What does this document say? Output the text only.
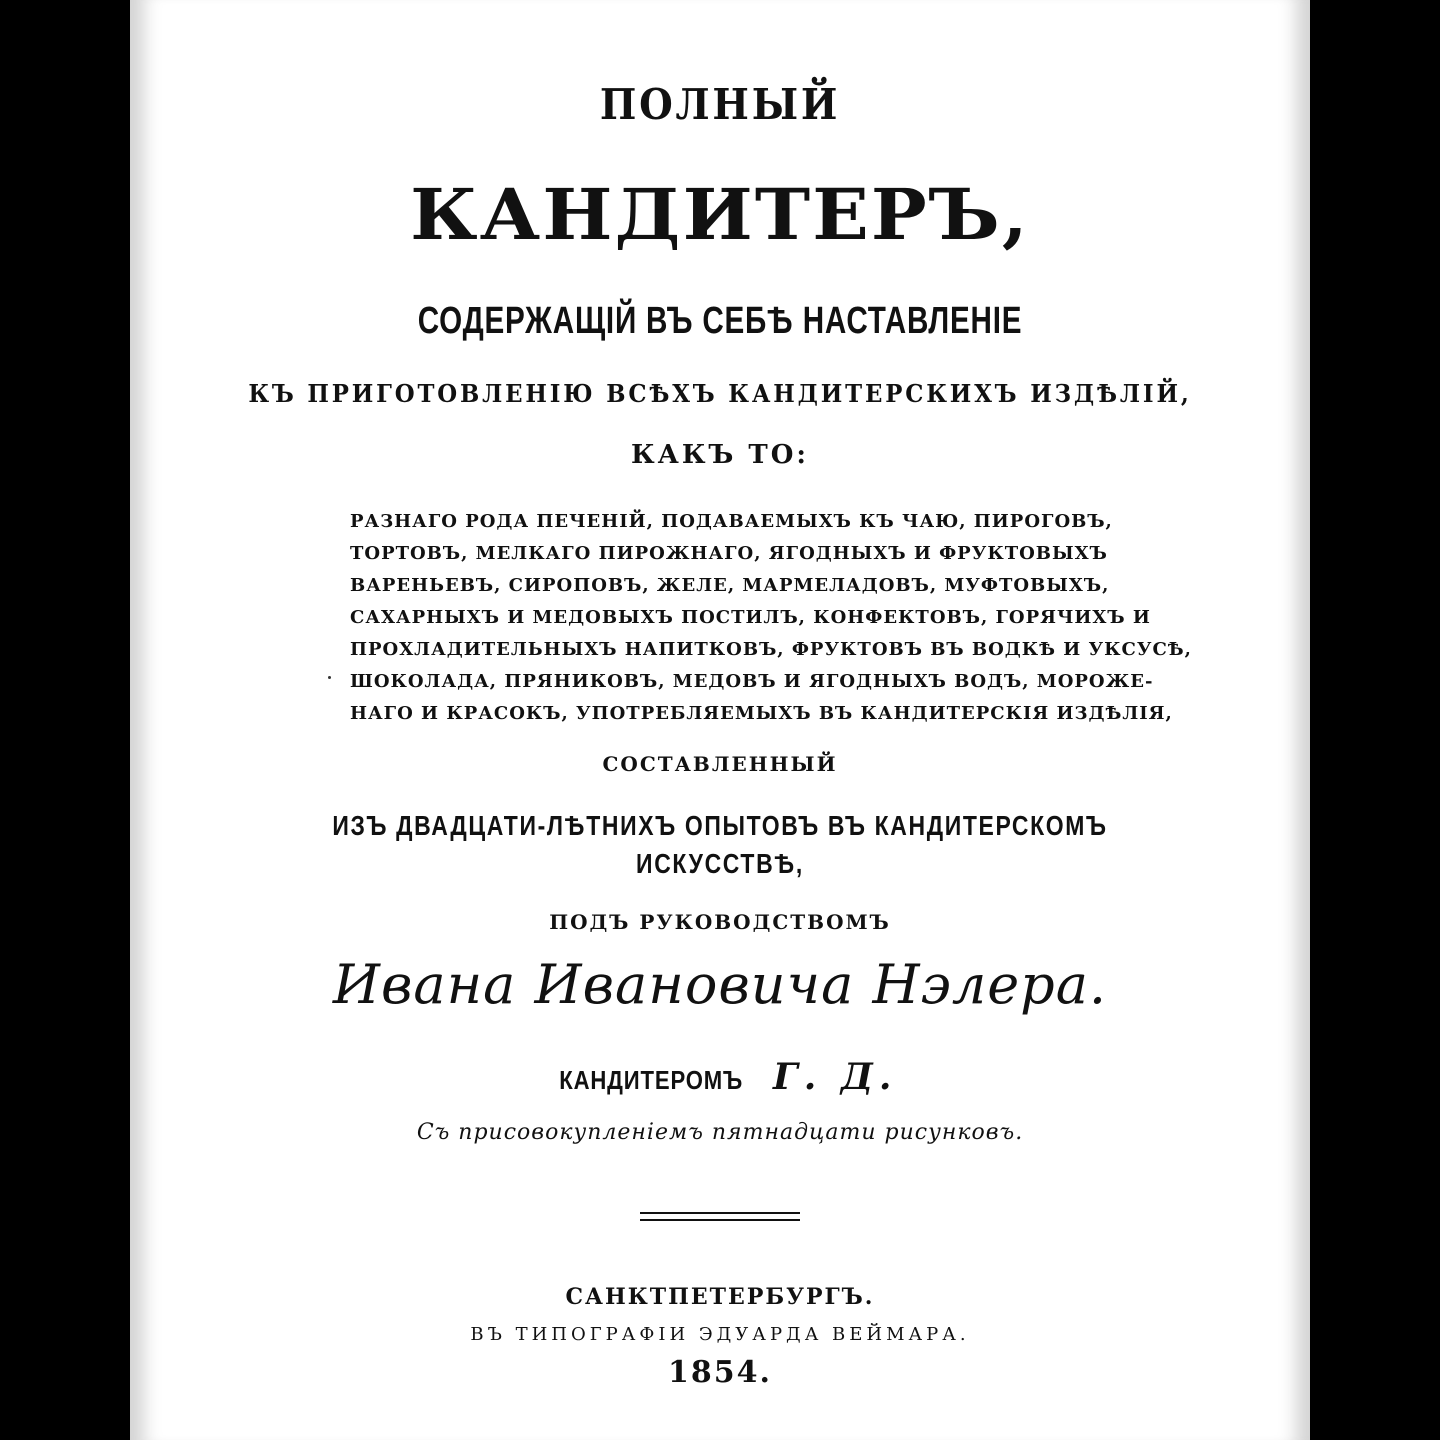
ПОЛНЫЙ
КАНДИТЕРЪ,
СОДЕРЖАЩІЙ ВЪ СЕБѢ НАСТАВЛЕНІЕ
КЪ ПРИГОТОВЛЕНІЮ ВСѢХЪ КАНДИТЕРСКИХЪ ИЗДѢЛІЙ,
КАКЪ ТО:
РАЗНАГО РОДА ПЕЧЕНІЙ, ПОДАВАЕМЫХЪ КЪ ЧАЮ, ПИРОГОВЪ,
ТОРТОВЪ, МЕЛКАГО ПИРОЖНАГО, ЯГОДНЫХЪ И ФРУКТОВЫХЪ
ВАРЕНЬЕВЪ, СИРОПОВЪ, ЖЕЛЕ, МАРМЕЛАДОВЪ, МУФТОВЫХЪ,
САХАРНЫХЪ И МЕДОВЫХЪ ПОСТИЛЪ, КОНФЕКТОВЪ, ГОРЯЧИХЪ И
ПРОХЛАДИТЕЛЬНЫХЪ НАПИТКОВЪ, ФРУКТОВЪ ВЪ ВОДКѢ И УКСУСѢ,
ШОКОЛАДА, ПРЯНИКОВЪ, МЕДОВЪ И ЯГОДНЫХЪ ВОДЪ, МОРОЖЕ-
НАГО И КРАСОКЪ, УПОТРЕБЛЯЕМЫХЪ ВЪ КАНДИТЕРСКІЯ ИЗДѢЛІЯ,
СОСТАВЛЕННЫЙ
ИЗЪ ДВАДЦАТИ-ЛѢТНИХЪ ОПЫТОВЪ ВЪ КАНДИТЕРСКОМЪ
ИСКУССТВѢ,
ПОДЪ РУКОВОДСТВОМЪ
Ивана Ивановича Нэлера.
КАНДИТЕРОМЪ Г. Д.
Съ присовокупленіемъ пятнадцати рисунковъ.
САНКТПЕТЕРБУРГЪ.
ВЪ ТИПОГРАФІИ ЭДУАРДА ВЕЙМАРА.
1854.
